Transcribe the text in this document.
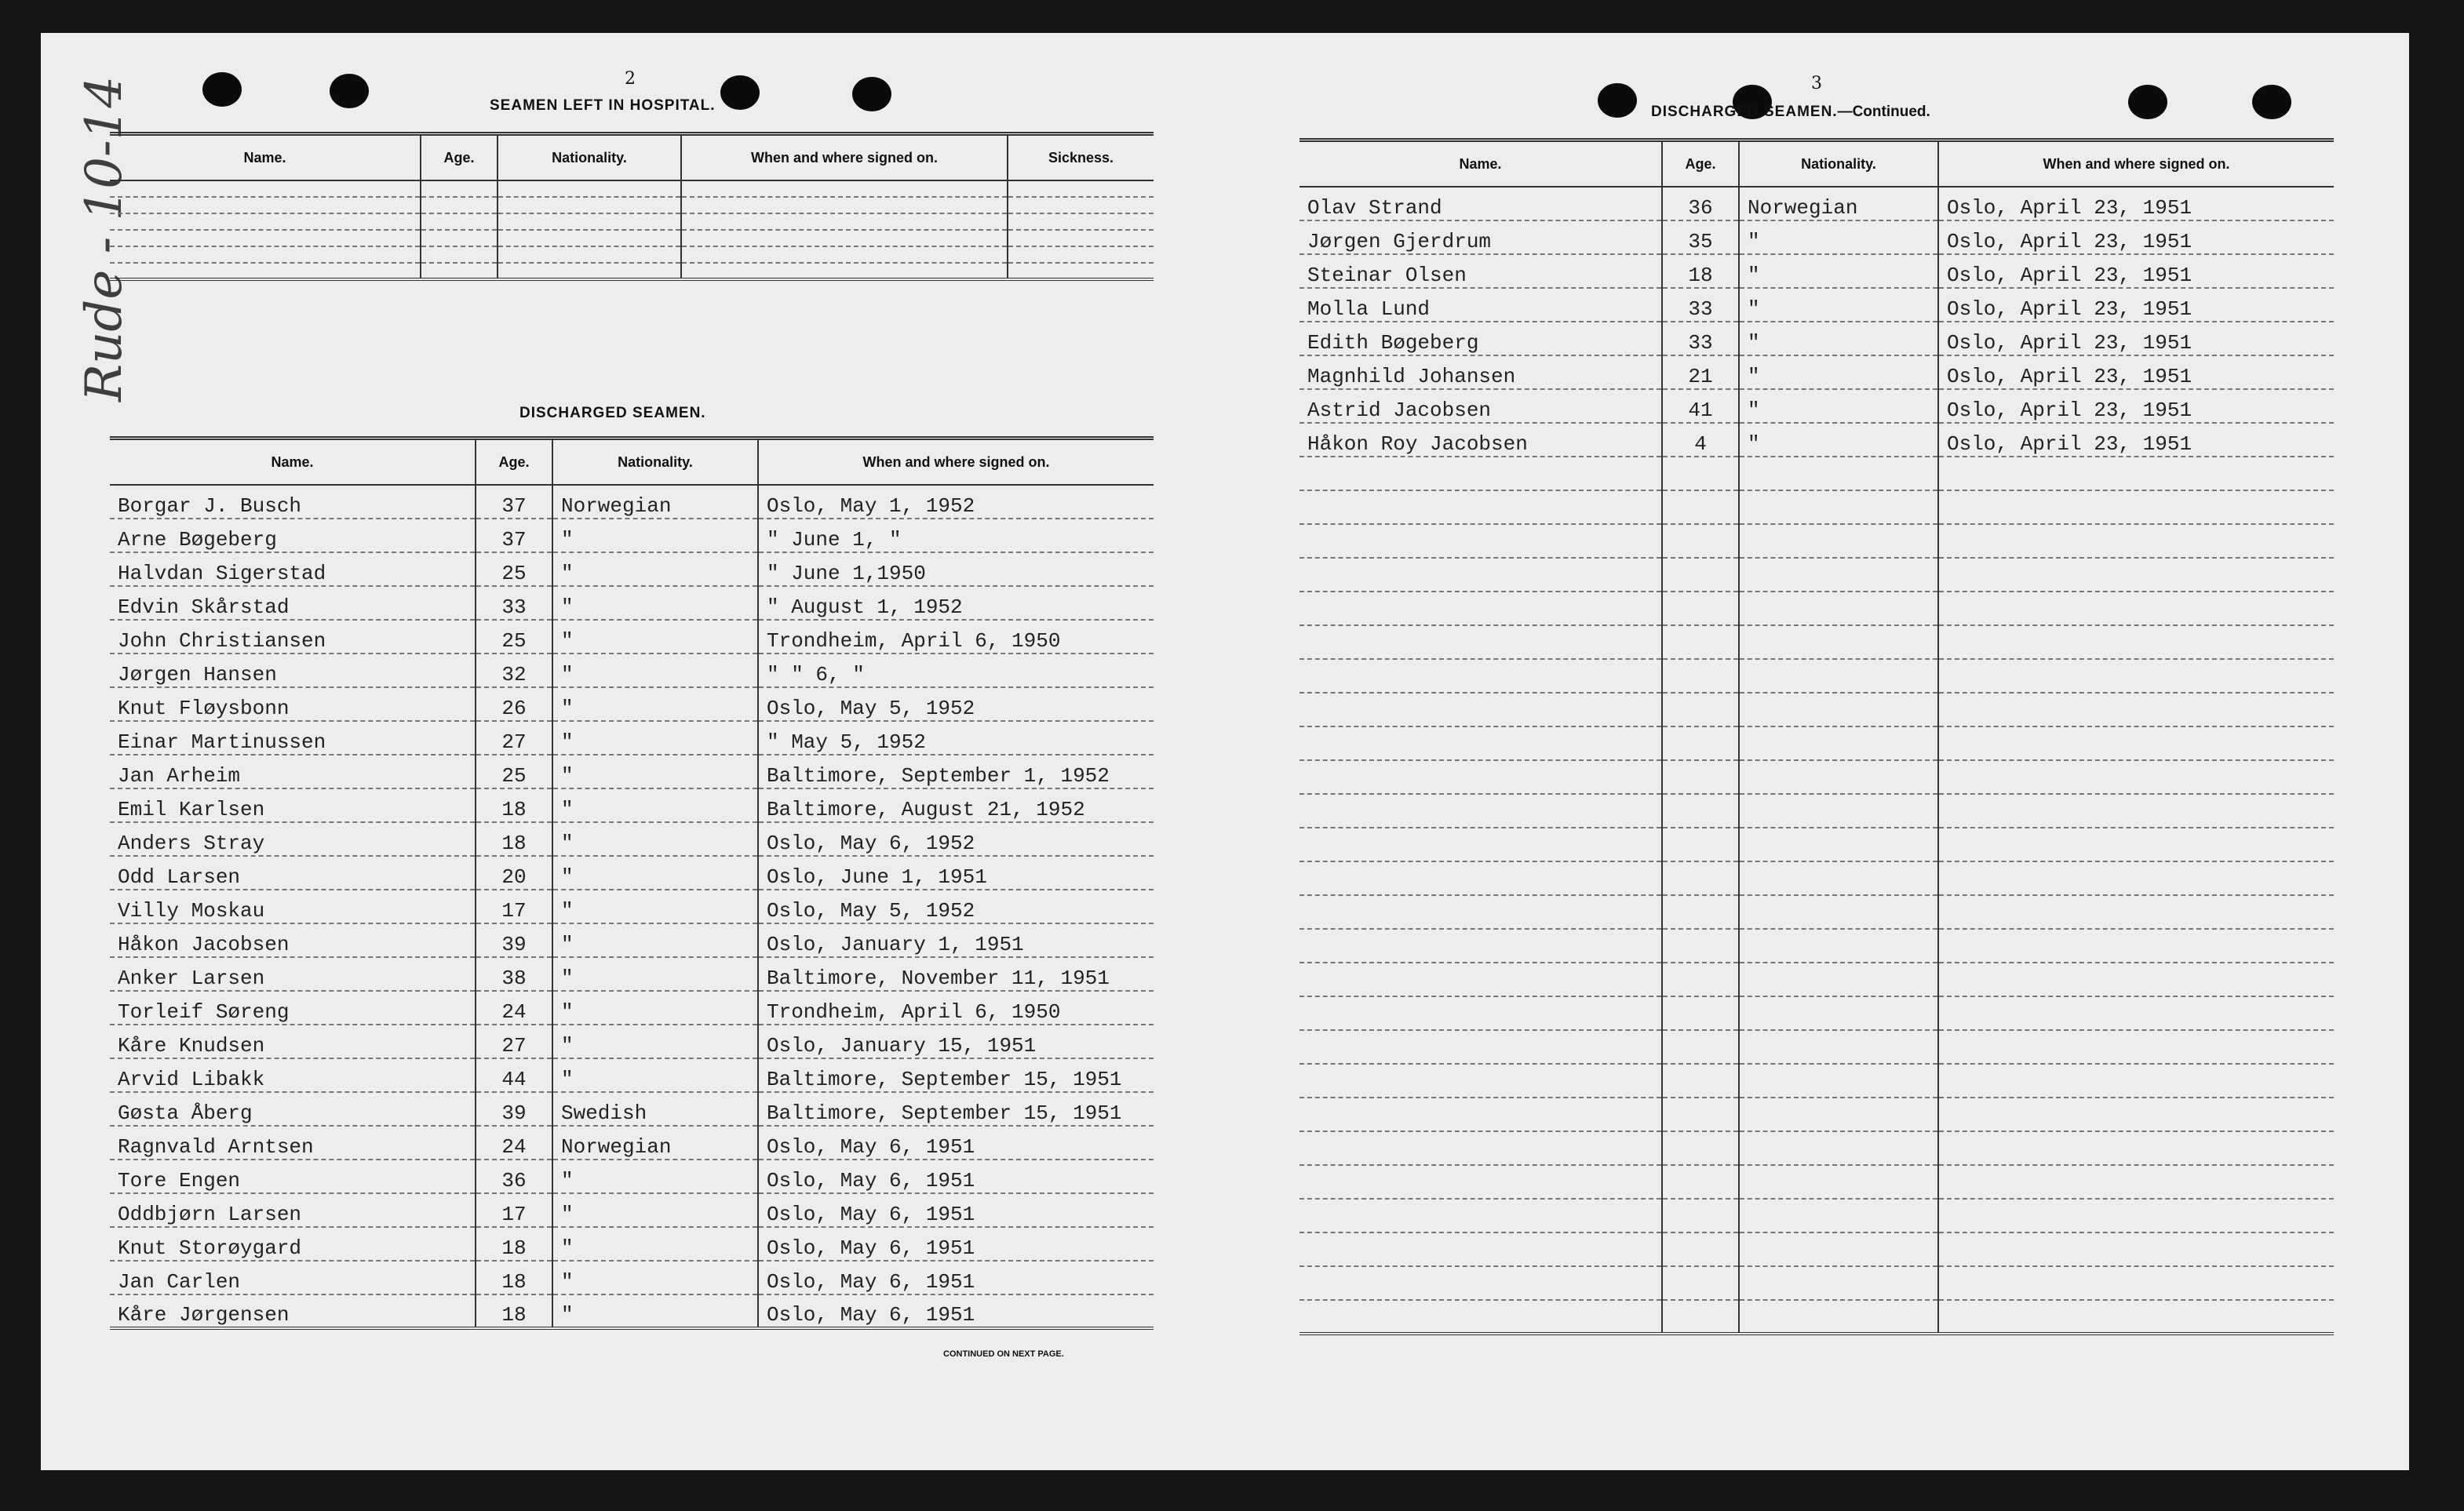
Rude - 10-14	2
SEAMEN LEFT IN HOSPITAL.
Name.	Age.	Nationality.	When and where signed on.	Sickness.

DISCHARGED SEAMEN.
Name.	Age.	Nationality.	When and where signed on.
Borgar J. Busch	37	Norwegian	Oslo, May 1, 1952
Arne Bøgeberg	37	"	" June 1, "
Halvdan Sigerstad	25	"	" June 1,1950
Edvin Skårstad	33	"	" August 1, 1952
John Christiansen	25	"	Trondheim, April 6, 1950
Jørgen Hansen	32	"	" " 6, "
Knut Fløysbonn	26	"	Oslo, May 5, 1952
Einar Martinussen	27	"	" May 5, 1952
Jan Arheim	25	"	Baltimore, September 1, 1952
Emil Karlsen	18	"	Baltimore, August 21, 1952
Anders Stray	18	"	Oslo, May 6, 1952
Odd Larsen	20	"	Oslo, June 1, 1951
Villy Moskau	17	"	Oslo, May 5, 1952
Håkon Jacobsen	39	"	Oslo, January 1, 1951
Anker Larsen	38	"	Baltimore, November 11, 1951
Torleif Søreng	24	"	Trondheim, April 6, 1950
Kåre Knudsen	27	"	Oslo, January 15, 1951
Arvid Libakk	44	"	Baltimore, September 15, 1951
Gøsta Åberg	39	Swedish	Baltimore, September 15, 1951
Ragnvald Arntsen	24	Norwegian	Oslo, May 6, 1951
Tore Engen	36	"	Oslo, May 6, 1951
Oddbjørn Larsen	17	"	Oslo, May 6, 1951
Knut Storøygard	18	"	Oslo, May 6, 1951
Jan Carlen	18	"	Oslo, May 6, 1951
Kåre Jørgensen	18	"	Oslo, May 6, 1951
CONTINUED ON NEXT PAGE.
3
DISCHARGED SEAMEN.—Continued.
Name.	Age.	Nationality.	When and where signed on.
Olav Strand	36	Norwegian	Oslo, April 23, 1951
Jørgen Gjerdrum	35	"	Oslo, April 23, 1951
Steinar Olsen	18	"	Oslo, April 23, 1951
Molla Lund	33	"	Oslo, April 23, 1951
Edith Bøgeberg	33	"	Oslo, April 23, 1951
Magnhild Johansen	21	"	Oslo, April 23, 1951
Astrid Jacobsen	41	"	Oslo, April 23, 1951
Håkon Roy Jacobsen	4	"	Oslo, April 23, 1951
